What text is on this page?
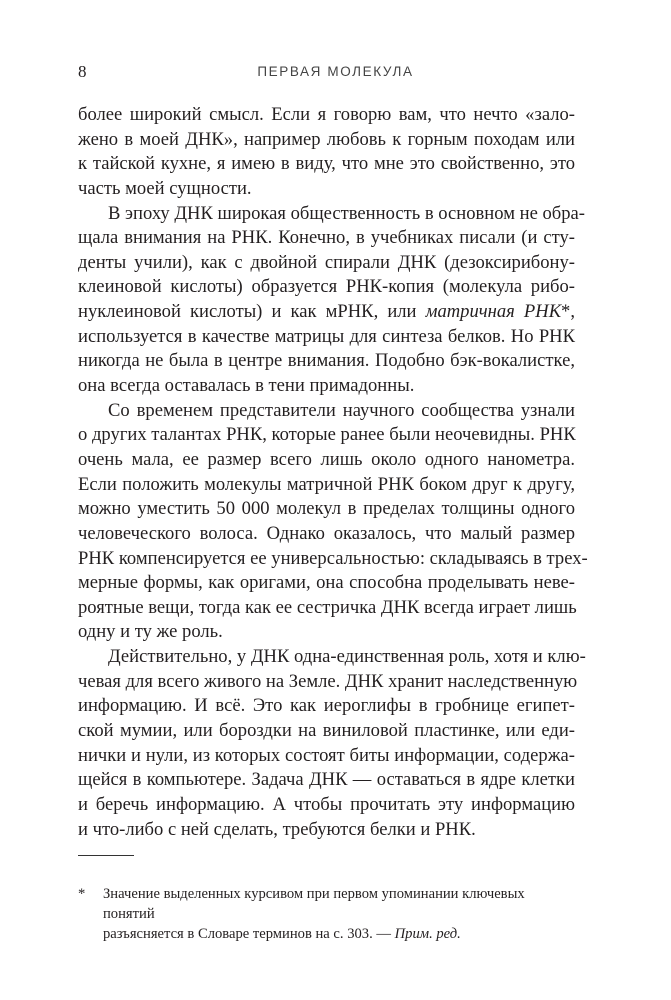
8	ПЕРВАЯ МОЛЕКУЛА
более широкий смысл. Если я говорю вам, что нечто «зало-
жено в моей ДНК», например любовь к горным походам или
к тайской кухне, я имею в виду, что мне это свойственно, это
часть моей сущности.
В эпоху ДНК широкая общественность в основном не обра-
щала внимания на РНК. Конечно, в учебниках писали (и сту-
денты учили), как с двойной спирали ДНК (дезоксирибону-
клеиновой кислоты) образуется РНК-копия (молекула рибо-
нуклеиновой кислоты) и как мРНК, или матричная РНК*,
используется в качестве матрицы для синтеза белков. Но РНК
никогда не была в центре внимания. Подобно бэк-вокалистке,
она всегда оставалась в тени примадонны.
Со временем представители научного сообщества узнали
о других талантах РНК, которые ранее были неочевидны. РНК
очень мала, ее размер всего лишь около одного нанометра.
Если положить молекулы матричной РНК боком друг к другу,
можно уместить 50 000 молекул в пределах толщины одного
человеческого волоса. Однако оказалось, что малый размер
РНК компенсируется ее универсальностью: складываясь в трех-
мерные формы, как оригами, она способна проделывать неве-
роятные вещи, тогда как ее сестричка ДНК всегда играет лишь
одну и ту же роль.
Действительно, у ДНК одна-единственная роль, хотя и клю-
чевая для всего живого на Земле. ДНК хранит наследственную
информацию. И всё. Это как иероглифы в гробнице египет-
ской мумии, или бороздки на виниловой пластинке, или еди-
нички и нули, из которых состоят биты информации, содержа-
щейся в компьютере. Задача ДНК — оставаться в ядре клетки
и беречь информацию. А чтобы прочитать эту информацию
и что-либо с ней сделать, требуются белки и РНК.
* Значение выделенных курсивом при первом упоминании ключевых понятий
разъясняется в Словаре терминов на с. 303. — Прим. ред.
